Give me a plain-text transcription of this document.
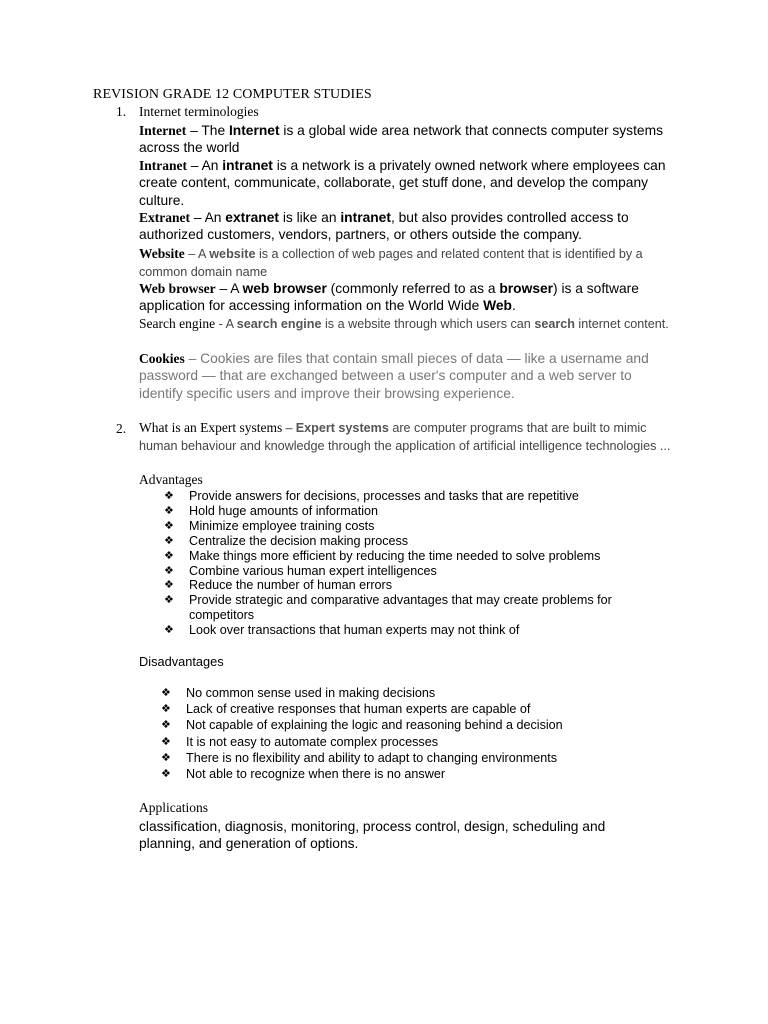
REVISION GRADE 12 COMPUTER STUDIES
1. Internet terminologies

Internet – The Internet is a global wide area network that connects computer systems across the world

Intranet – An intranet is a network is a privately owned network where employees can create content, communicate, collaborate, get stuff done, and develop the company culture.

Extranet – An extranet is like an intranet, but also provides controlled access to authorized customers, vendors, partners, or others outside the company.

Website – A website is a collection of web pages and related content that is identified by a common domain name

Web browser – A web browser (commonly referred to as a browser) is a software application for accessing information on the World Wide Web.

Search engine - A search engine is a website through which users can search internet content.

Cookies – Cookies are files that contain small pieces of data — like a username and password — that are exchanged between a user's computer and a web server to identify specific users and improve their browsing experience.

2. What is an Expert systems – Expert systems are computer programs that are built to mimic human behaviour and knowledge through the application of artificial intelligence technologies ...

Advantages
❖ Provide answers for decisions, processes and tasks that are repetitive
❖ Hold huge amounts of information
❖ Minimize employee training costs
❖ Centralize the decision making process
❖ Make things more efficient by reducing the time needed to solve problems
❖ Combine various human expert intelligences
❖ Reduce the number of human errors
❖ Provide strategic and comparative advantages that may create problems for competitors
❖ Look over transactions that human experts may not think of
Disadvantages
❖ No common sense used in making decisions
❖ Lack of creative responses that human experts are capable of
❖ Not capable of explaining the logic and reasoning behind a decision
❖ It is not easy to automate complex processes
❖ There is no flexibility and ability to adapt to changing environments
❖ Not able to recognize when there is no answer
Applications
classification, diagnosis, monitoring, process control, design, scheduling and planning, and generation of options.
